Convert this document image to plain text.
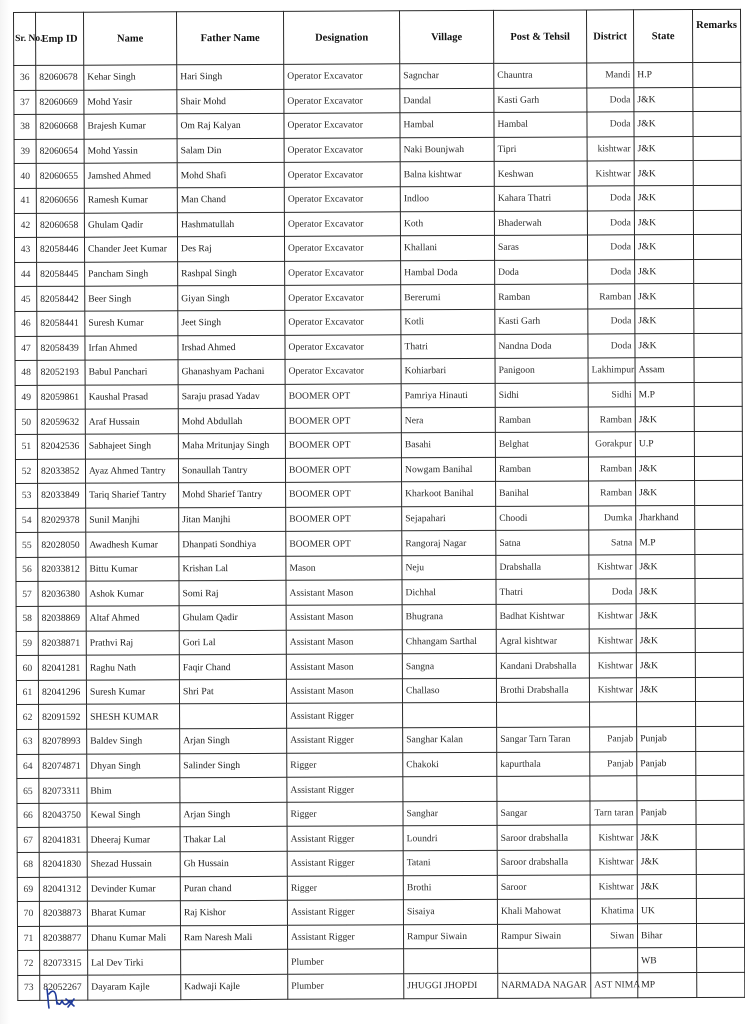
Sr. No.	Emp ID	Name	Father Name	Designation	Village	Post & Tehsil	District	State	Remarks
36	82060678	Kehar Singh	Hari Singh	Operator Excavator	Sagnchar	Chauntra	Mandi	H.P	
37	82060669	Mohd Yasir	Shair Mohd	Operator Excavator	Dandal	Kasti Garh	Doda	J&K	
38	82060668	Brajesh Kumar	Om Raj Kalyan	Operator Excavator	Hambal	Hambal	Doda	J&K	
39	82060654	Mohd Yassin	Salam Din	Operator Excavator	Naki Bounjwah	Tipri	kishtwar	J&K	
40	82060655	Jamshed Ahmed	Mohd Shafi	Operator Excavator	Balna kishtwar	Keshwan	Kishtwar	J&K	
41	82060656	Ramesh Kumar	Man Chand	Operator Excavator	Indloo	Kahara Thatri	Doda	J&K	
42	82060658	Ghulam Qadir	Hashmatullah	Operator Excavator	Koth	Bhaderwah	Doda	J&K	
43	82058446	Chander Jeet Kumar	Des Raj	Operator Excavator	Khallani	Saras	Doda	J&K	
44	82058445	Pancham Singh	Rashpal Singh	Operator Excavator	Hambal Doda	Doda	Doda	J&K	
45	82058442	Beer Singh	Giyan Singh	Operator Excavator	Bererumi	Ramban	Ramban	J&K	
46	82058441	Suresh Kumar	Jeet Singh	Operator Excavator	Kotli	Kasti Garh	Doda	J&K	
47	82058439	Irfan Ahmed	Irshad Ahmed	Operator Excavator	Thatri	Nandna Doda	Doda	J&K	
48	82052193	Babul Panchari	Ghanashyam Pachani	Operator Excavator	Kohiarbari	Panigoon	Lakhimpur	Assam	
49	82059861	Kaushal Prasad	Saraju prasad Yadav	BOOMER OPT	Pamriya Hinauti	Sidhi	Sidhi	M.P	
50	82059632	Araf Hussain	Mohd Abdullah	BOOMER OPT	Nera	Ramban	Ramban	J&K	
51	82042536	Sabhajeet Singh	Maha Mritunjay Singh	BOOMER OPT	Basahi	Belghat	Gorakpur	U.P	
52	82033852	Ayaz Ahmed Tantry	Sonaullah Tantry	BOOMER OPT	Nowgam Banihal	Ramban	Ramban	J&K	
53	82033849	Tariq Sharief Tantry	Mohd Sharief Tantry	BOOMER OPT	Kharkoot Banihal	Banihal	Ramban	J&K	
54	82029378	Sunil Manjhi	Jitan Manjhi	BOOMER OPT	Sejapahari	Choodi	Dumka	Jharkhand	
55	82028050	Awadhesh Kumar	Dhanpati Sondhiya	BOOMER OPT	Rangoraj Nagar	Satna	Satna	M.P	
56	82033812	Bittu Kumar	Krishan Lal	Mason	Neju	Drabshalla	Kishtwar	J&K	
57	82036380	Ashok Kumar	Somi Raj	Assistant Mason	Dichhal	Thatri	Doda	J&K	
58	82038869	Altaf Ahmed	Ghulam Qadir	Assistant Mason	Bhugrana	Badhat Kishtwar	Kishtwar	J&K	
59	82038871	Prathvi Raj	Gori Lal	Assistant Mason	Chhangam Sarthal	Agral kishtwar	Kishtwar	J&K	
60	82041281	Raghu Nath	Faqir Chand	Assistant Mason	Sangna	Kandani Drabshalla	Kishtwar	J&K	
61	82041296	Suresh Kumar	Shri Pat	Assistant Mason	Challaso	Brothi Drabshalla	Kishtwar	J&K	
62	82091592	SHESH KUMAR		Assistant Rigger					
63	82078993	Baldev Singh	Arjan Singh	Assistant Rigger	Sanghar Kalan	Sangar Tarn Taran	Panjab	Punjab	
64	82074871	Dhyan Singh	Salinder Singh	Rigger	Chakoki	kapurthala	Panjab	Panjab	
65	82073311	Bhim		Assistant Rigger					
66	82043750	Kewal Singh	Arjan Singh	Rigger	Sanghar	Sangar	Tarn taran	Panjab	
67	82041831	Dheeraj Kumar	Thakar Lal	Assistant Rigger	Loundri	Saroor drabshalla	Kishtwar	J&K	
68	82041830	Shezad Hussain	Gh Hussain	Assistant Rigger	Tatani	Saroor drabshalla	Kishtwar	J&K	
69	82041312	Devinder Kumar	Puran chand	Rigger	Brothi	Saroor	Kishtwar	J&K	
70	82038873	Bharat Kumar	Raj Kishor	Assistant Rigger	Sisaiya	Khali Mahowat	Khatima	UK	
71	82038877	Dhanu Kumar Mali	Ram Naresh Mali	Assistant Rigger	Rampur Siwain	Rampur Siwain	Siwan	Bihar	
72	82073315	Lal Dev Tirki		Plumber				WB	
73	82052267	Dayaram Kajle	Kadwaji Kajle	Plumber	JHUGGI JHOPDI	NARMADA NAGAR	AST NIMA	MP	
